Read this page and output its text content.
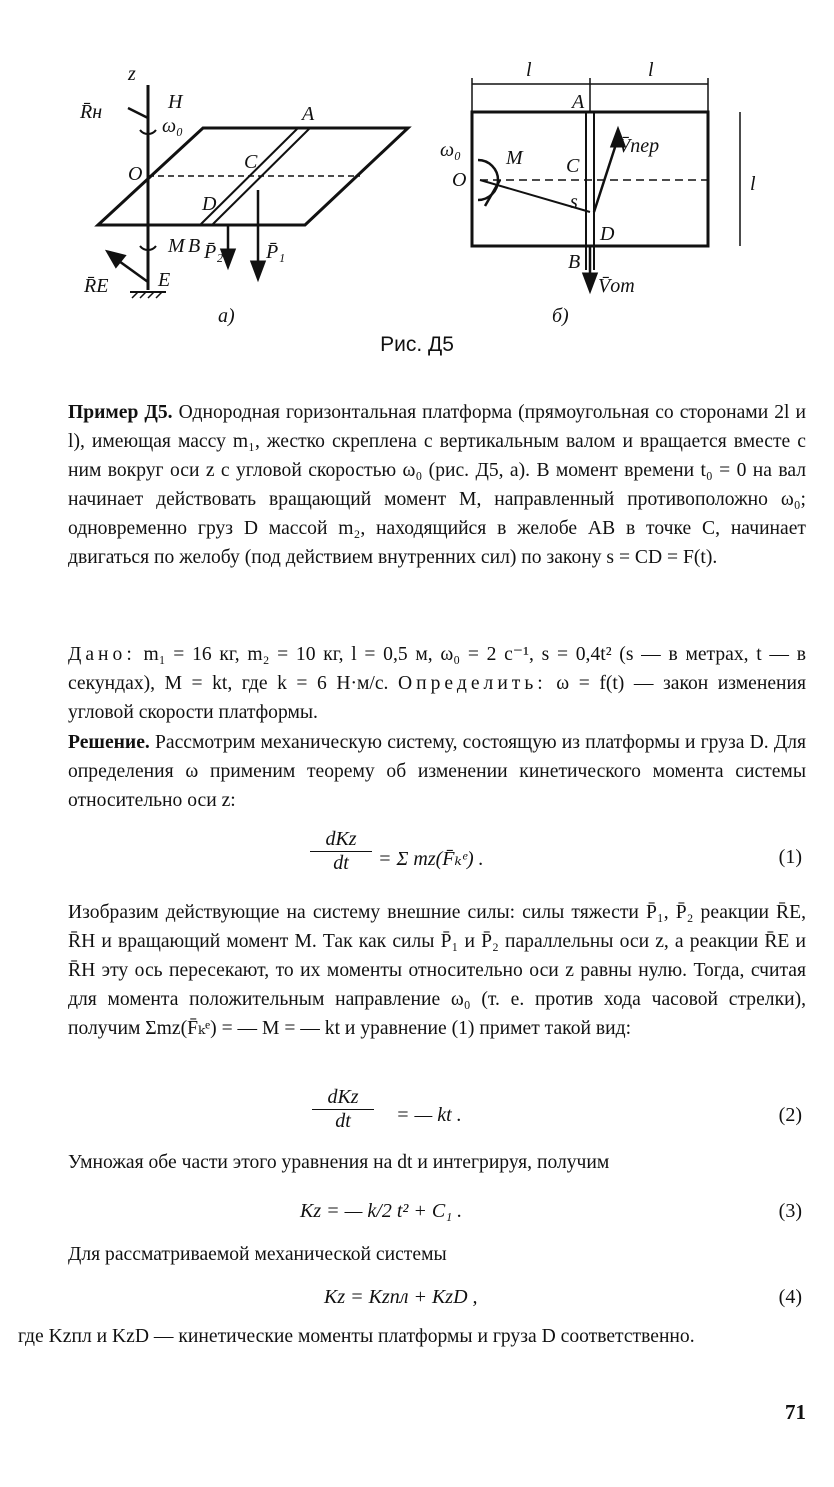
z
R̄н	H
ω₀
A
O
C
D
M B P̄₂ P̄₁
R̄E E
а)
l	l
A
ω₀ M C
O
s
V̄пер
D
B
V̄от
l
б)
Рис. Д5
Пример Д5. Однородная горизонтальная платформа (прямоугольная со сторонами 2l и l), имеющая массу m₁, жестко скреплена с вертикальным валом и вращается вместе с ним вокруг оси z с угловой скоростью ω₀ (рис. Д5, а). В момент времени t₀ = 0 на вал начинает действовать вращающий момент M, направленный противоположно ω₀; одновременно груз D массой m₂, находящийся в желобе AB в точке C, начинает двигаться по желобу (под действием внутренних сил) по закону s = CD = F(t).
Дано: m₁ = 16 кг, m₂ = 10 кг, l = 0,5 м, ω₀ = 2 с⁻¹, s = 0,4t² (s — в метрах, t — в секундах), M = kt, где k = 6 Н·м/с. Определить: ω = f(t) — закон изменения угловой скорости платформы.
Решение. Рассмотрим механическую систему, состоящую из платформы и груза D. Для определения ω применим теорему об изменении кинетического момента системы относительно оси z:
dKz
dt	= Σ mz(F̄ₖᵉ) .	(1)
Изобразим действующие на систему внешние силы: силы тяжести P̄₁, P̄₂ реакции R̄E, R̄H и вращающий момент M. Так как силы P̄₁ и P̄₂ параллельны оси z, а реакции R̄E и R̄H эту ось пересекают, то их моменты относительно оси z равны нулю. Тогда, считая для момента положительным направление ω₀ (т. е. против хода часовой стрелки), получим Σmz(F̄ₖᵉ) = — M = — kt и уравнение (1) примет такой вид:
dKz
dt	= — kt .	(2)
Умножая обе части этого уравнения на dt и интегрируя, получим
Kz = — k/2 t² + C₁ .	(3)
Для рассматриваемой механической системы
Kz = Kzпл + KzD ,	(4)
где Kzпл и KzD — кинетические моменты платформы и груза D соответственно.
71
